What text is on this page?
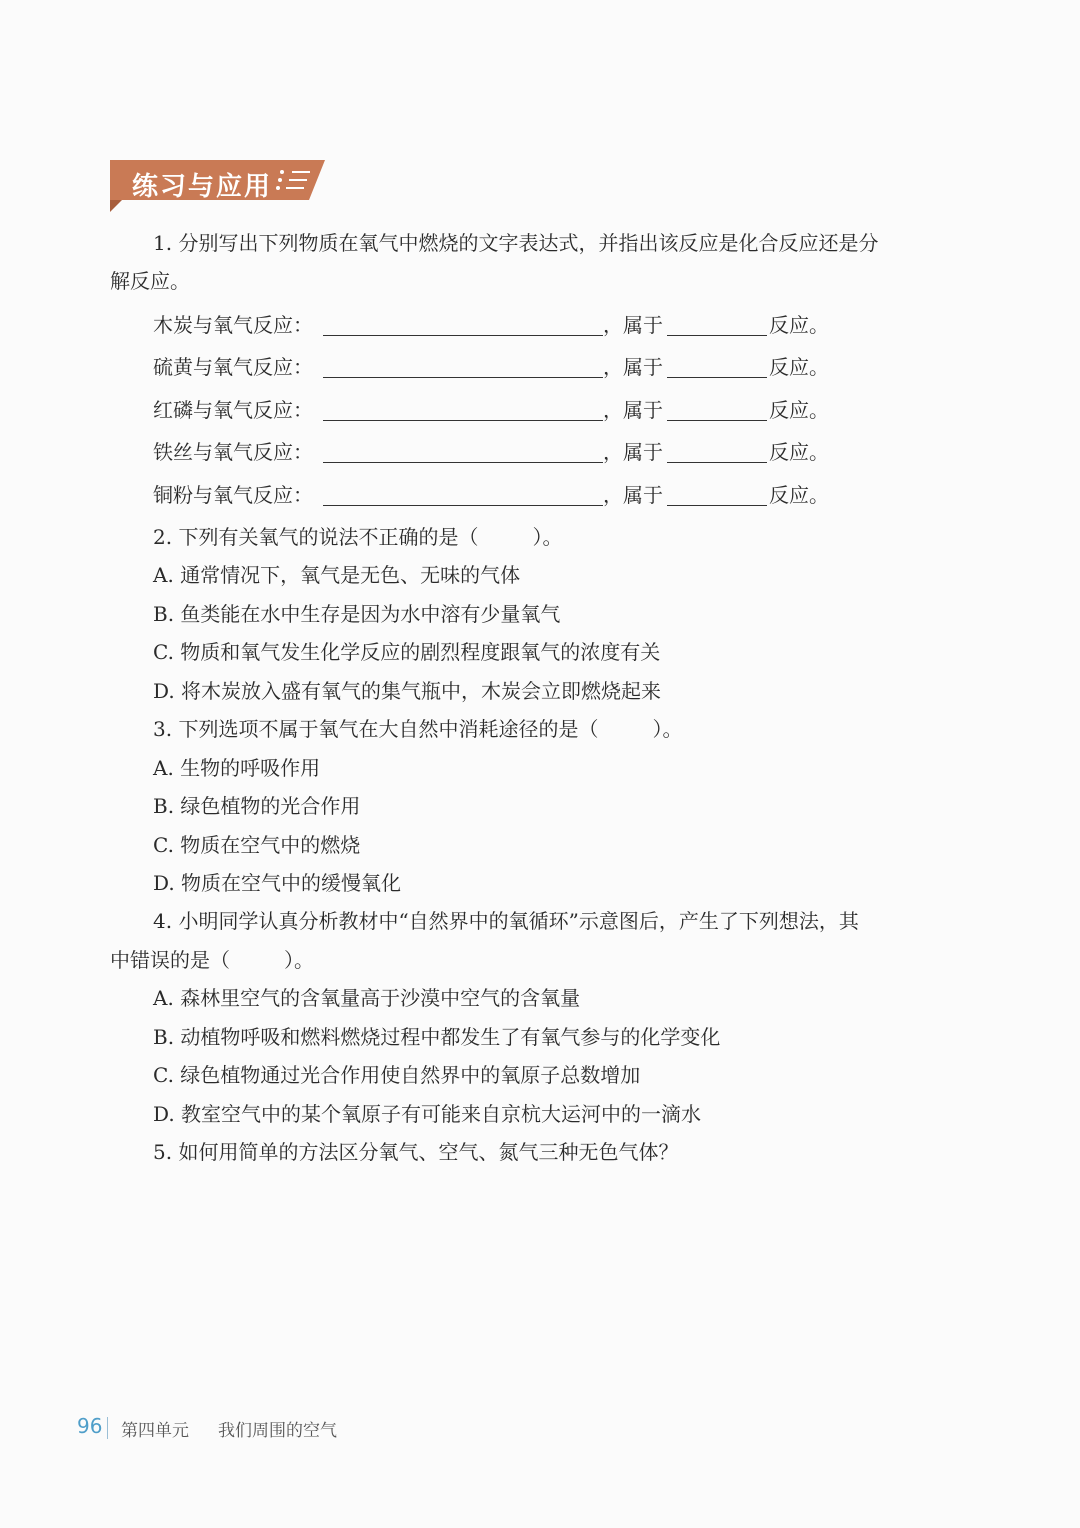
练习与应用
1. 分别写出下列物质在氧气中燃烧的文字表达式，并指出该反应是化合反应还是分
解反应。
木炭与氧气反应：	，属于	反应。
硫黄与氧气反应：	，属于	反应。
红磷与氧气反应：	，属于	反应。
铁丝与氧气反应：	，属于	反应。
铜粉与氧气反应：	，属于	反应。
2. 下列有关氧气的说法不正确的是（	）。
A. 通常情况下，氧气是无色、无味的气体
B. 鱼类能在水中生存是因为水中溶有少量氧气
C. 物质和氧气发生化学反应的剧烈程度跟氧气的浓度有关
D. 将木炭放入盛有氧气的集气瓶中，木炭会立即燃烧起来
3. 下列选项不属于氧气在大自然中消耗途径的是（	）。
A. 生物的呼吸作用
B. 绿色植物的光合作用
C. 物质在空气中的燃烧
D. 物质在空气中的缓慢氧化
4. 小明同学认真分析教材中“自然界中的氧循环”示意图后，产生了下列想法，其
中错误的是（	）。
A. 森林里空气的含氧量高于沙漠中空气的含氧量
B. 动植物呼吸和燃料燃烧过程中都发生了有氧气参与的化学变化
C. 绿色植物通过光合作用使自然界中的氧原子总数增加
D. 教室空气中的某个氧原子有可能来自京杭大运河中的一滴水
5. 如何用简单的方法区分氧气、空气、氮气三种无色气体？
96 第四单元 我们周围的空气
